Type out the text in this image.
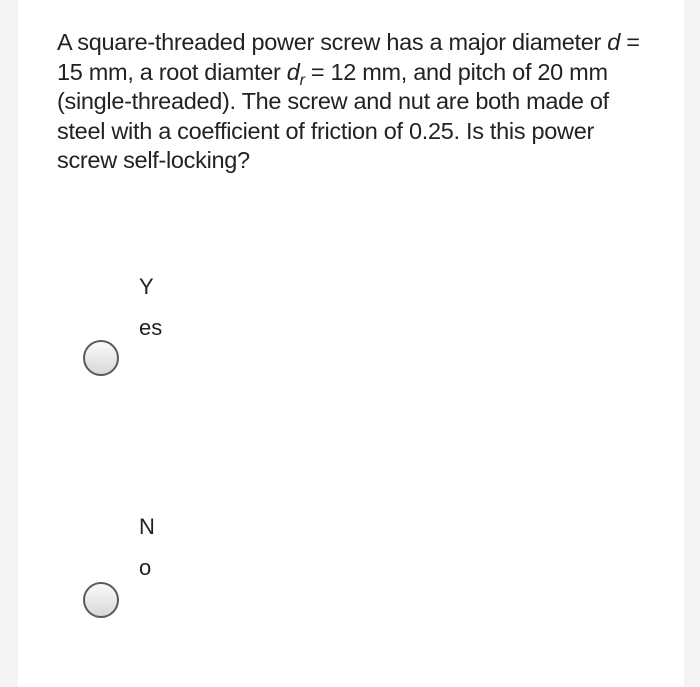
A square-threaded power screw has a major diameter d = 15 mm, a root diamter $d_r = 12$ mm, and pitch of 20 mm (single-threaded). The screw and nut are both made of steel with a coefficient of friction of 0.25. Is this power screw self-locking?
Yes
No
